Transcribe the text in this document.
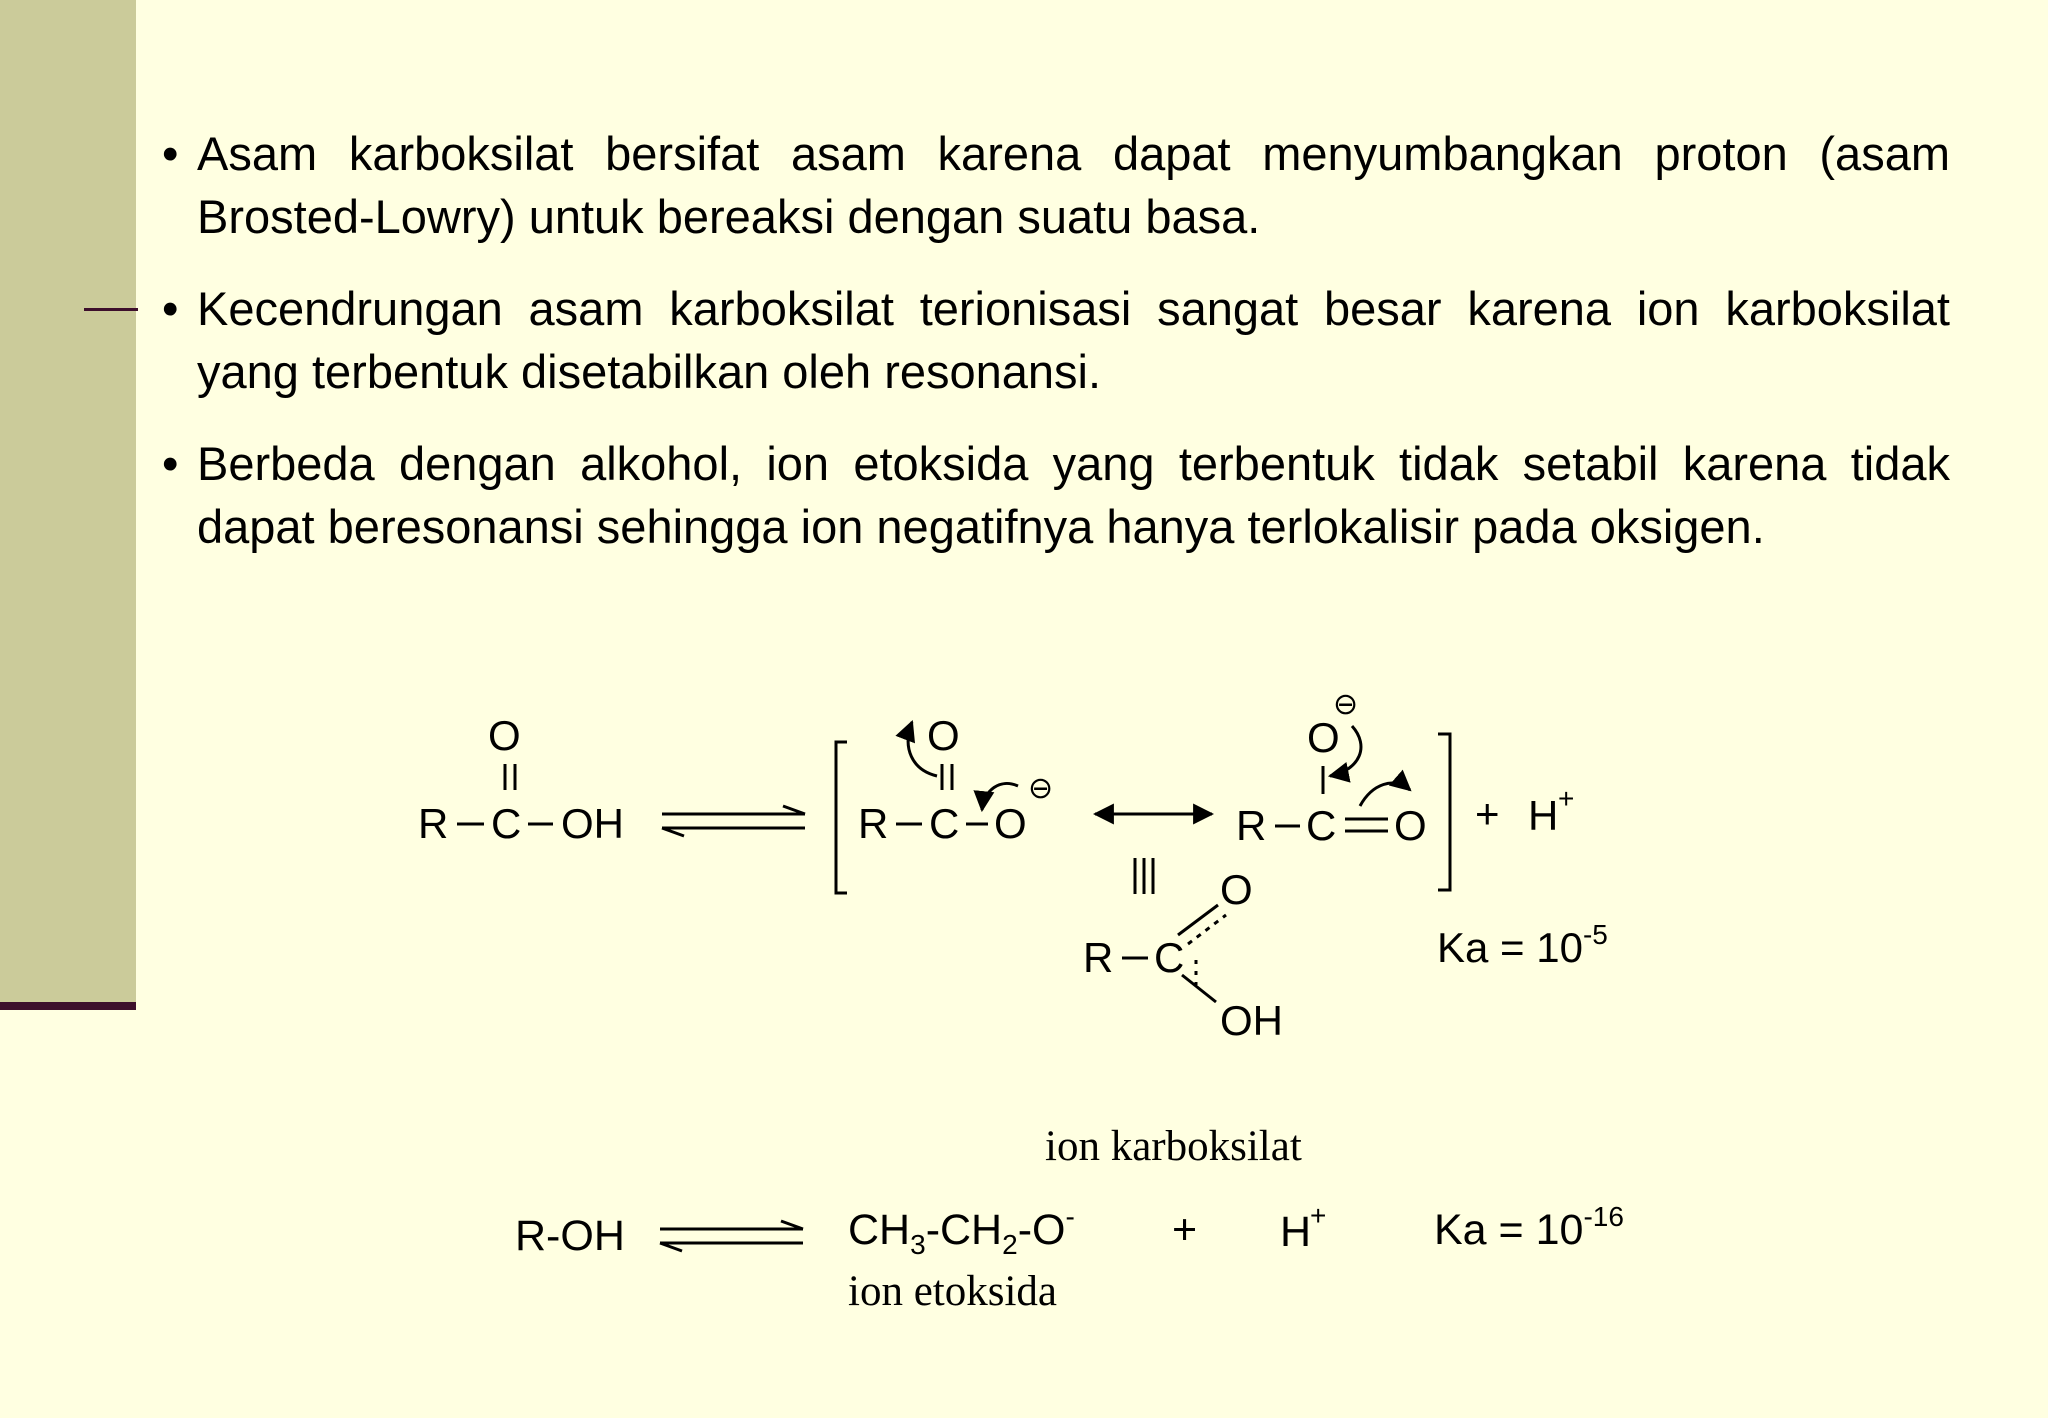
• Asam karboksilat bersifat asam karena dapat menyumbangkan proton (asam Brosted-Lowry) untuk bereaksi dengan suatu basa.
• Kecendrungan asam karboksilat terionisasi sangat besar karena ion karboksilat yang terbentuk disetabilkan oleh resonansi.
• Berbeda dengan alkohol, ion etoksida yang terbentuk tidak setabil karena tidak dapat beresonansi sehingga ion negatifnya hanya terlokalisir pada oksigen.
R C
O
OH	R C
O
O
⊖
R C
O
⊖
O + H +
R C
O
OH
$Ka = 10^{-5}$
ion karboksilat
R-OH	$CH_3-CH_2-O^- + H$
+	$Ka = 10^{-16}$
ion etoksida
